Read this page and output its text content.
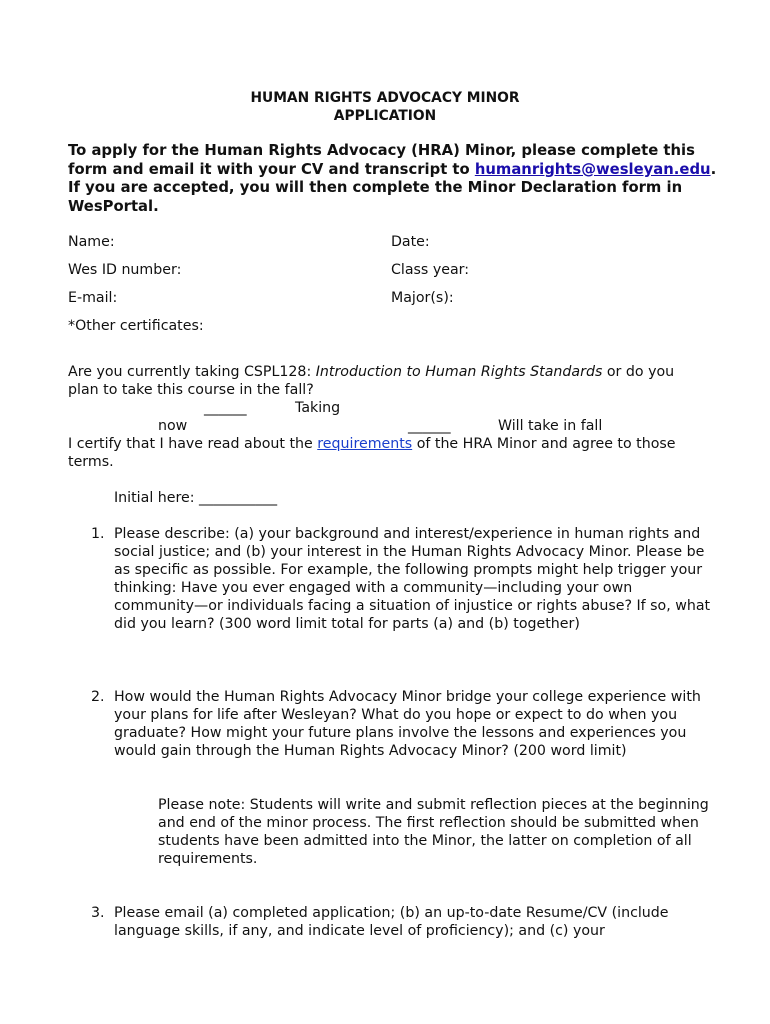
HUMAN RIGHTS ADVOCACY MINOR
APPLICATION
To apply for the Human Rights Advocacy (HRA) Minor, please complete this form and email it with your CV and transcript to humanrights@wesleyan.edu. If you are accepted, you will then complete the Minor Declaration form in WesPortal.
Name:	Date:
Wes ID number:	Class year:
E-mail:	Major(s):
*Other certificates:
Are you currently taking CSPL128: Introduction to Human Rights Standards or do you plan to take this course in the fall?
______	Taking
now	______	Will take in fall
I certify that I have read about the requirements of the HRA Minor and agree to those terms.
Initial here: ___________
1. Please describe: (a) your background and interest/experience in human rights and social justice; and (b) your interest in the Human Rights Advocacy Minor. Please be as specific as possible. For example, the following prompts might help trigger your thinking: Have you ever engaged with a community—including your own community—or individuals facing a situation of injustice or rights abuse? If so, what did you learn? (300 word limit total for parts (a) and (b) together)
2. How would the Human Rights Advocacy Minor bridge your college experience with your plans for life after Wesleyan? What do you hope or expect to do when you graduate? How might your future plans involve the lessons and experiences you would gain through the Human Rights Advocacy Minor? (200 word limit)
Please note: Students will write and submit reflection pieces at the beginning and end of the minor process. The first reflection should be submitted when students have been admitted into the Minor, the latter on completion of all requirements.
3. Please email (a) completed application; (b) an up-to-date Resume/CV (include language skills, if any, and indicate level of proficiency); and (c) your
